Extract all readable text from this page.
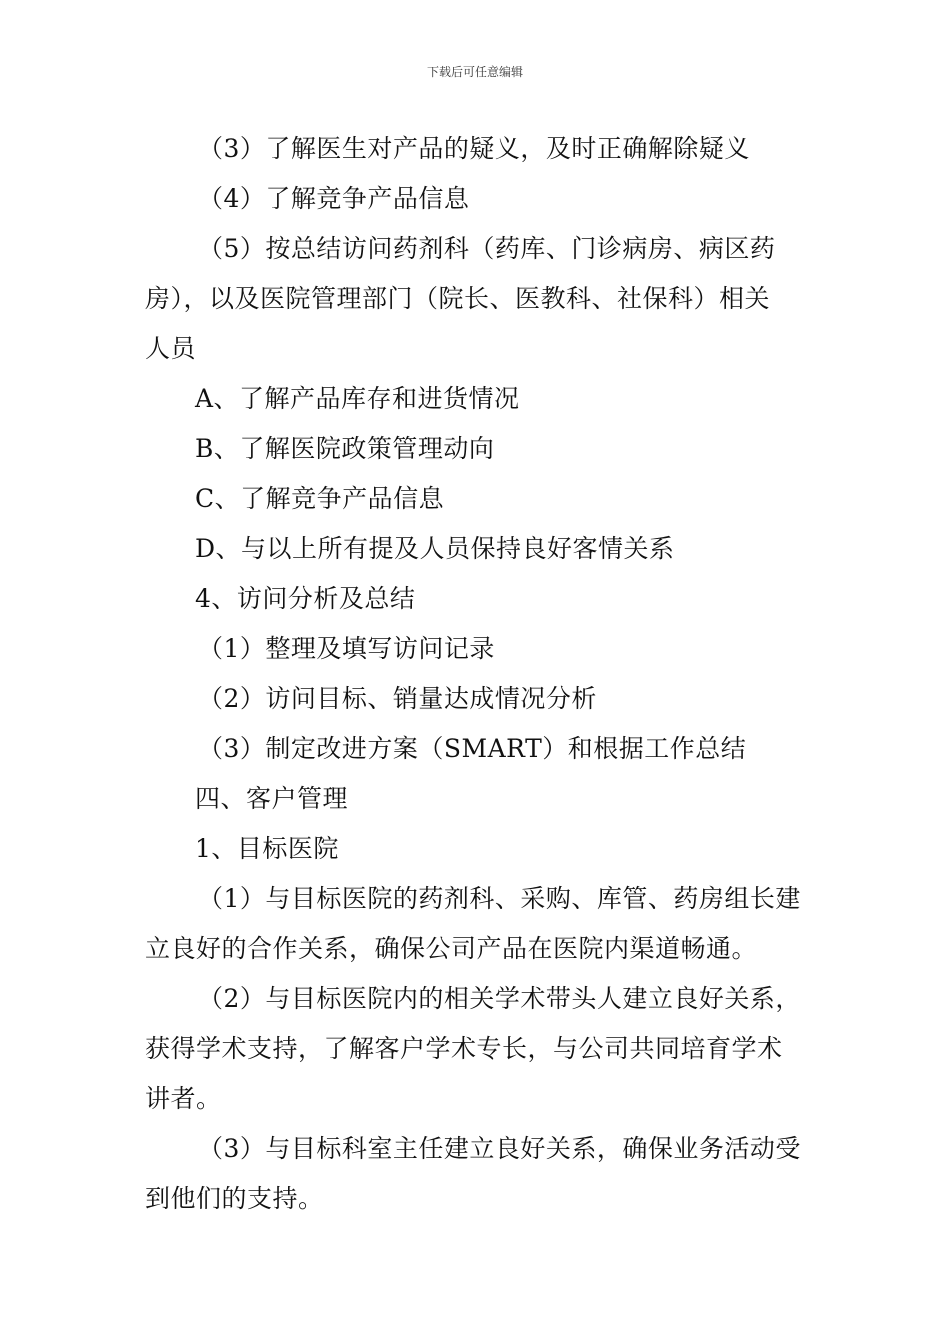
下载后可任意编辑
（3）了解医生对产品的疑义，及时正确解除疑义
（4）了解竞争产品信息
（5）按总结访问药剂科（药库、门诊病房、病区药
房），以及医院管理部门（院长、医教科、社保科）相关
人员
A、了解产品库存和进货情况
B、了解医院政策管理动向
C、了解竞争产品信息
D、与以上所有提及人员保持良好客情关系
4、访问分析及总结
（1）整理及填写访问记录
（2）访问目标、销量达成情况分析
（3）制定改进方案（SMART）和根据工作总结
四、客户管理
1、目标医院
（1）与目标医院的药剂科、采购、库管、药房组长建
立良好的合作关系，确保公司产品在医院内渠道畅通。
（2）与目标医院内的相关学术带头人建立良好关系，
获得学术支持，了解客户学术专长，与公司共同培育学术
讲者。
（3）与目标科室主任建立良好关系，确保业务活动受
到他们的支持。
